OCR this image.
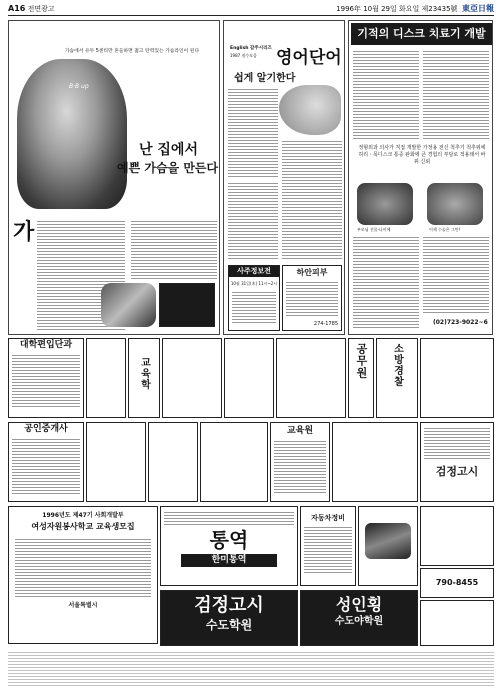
A16 전면광고	1996年 10월 29일 화요일 제23435號 東亞日報
가슴에서 유두 5센티만 흔들하면 젊고 탄력있는 가슴라인이 된다
B·B up
난 집에서
예쁜 가슴을 만든다
가
English 갈주시리즈
1987 점수모음 영어단어
쉽게 알기한다
하안피부
274-1785
사주정보전
10월 31일(木) 11시~2시
기적의 디스크 치료기 개발
정형외과 의사가 직접 개발한 가정용 전신 척추기 척추위에 허리ㆍ목디스크 통증 완화에 큰 경험의 부담로 적용돼서 바뀌 신뢰
부모님 선물·나이에	이제 수술은 그만!
(02)723-9022~6
대학편입단과
교육학	공무원 소방경찰
공인중개사	교육원
검정고시
1996년도 제47기 사회개발부
여성자원봉사학교 교육생모집
서울특별시
통역
한미통역
자동차정비
790-8455
검정고시
수도학원
성인횡
수도야학원
